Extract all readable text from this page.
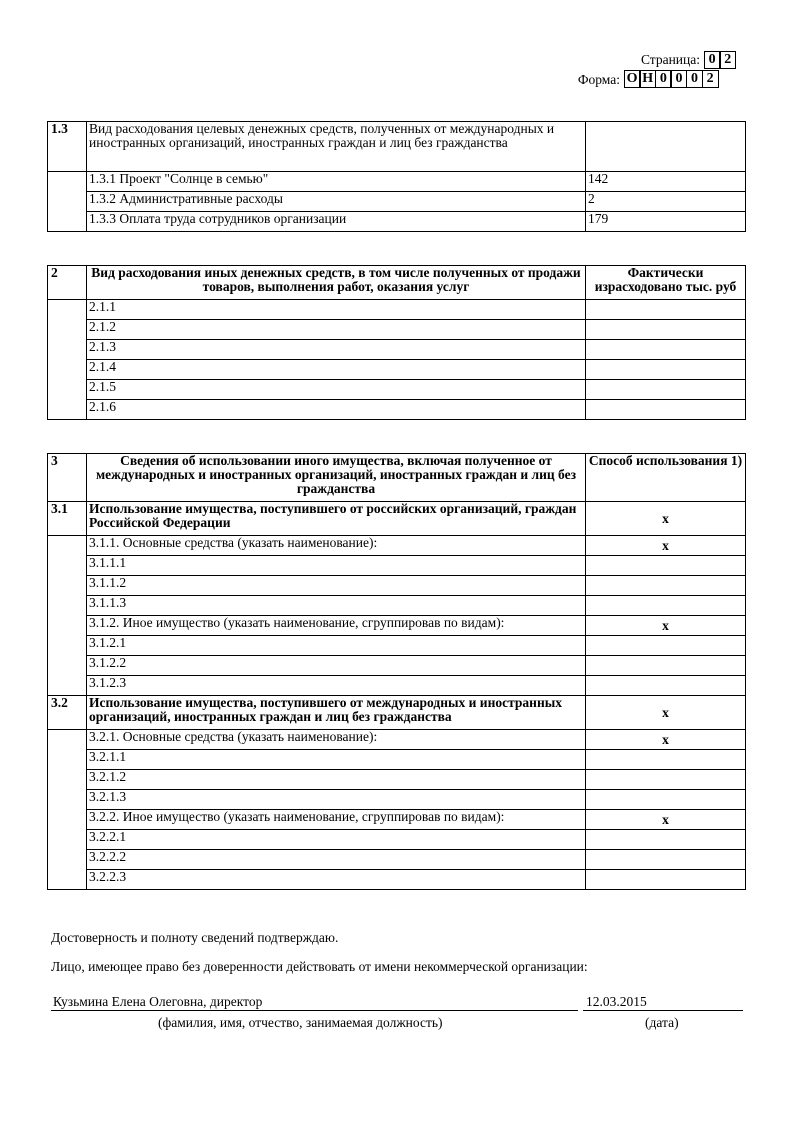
Страница: 0 2
Форма: О Н 0 0 0 2
1.3	Вид расходования целевых денежных средств, полученных от международных и иностранных организаций, иностранных граждан и лиц без гражданства	
	1.3.1 Проект "Солнце в семью"	142
	1.3.2 Административные расходы	2
	1.3.3 Оплата труда сотрудников организации	179
2	Вид расходования иных денежных средств, в том числе полученных от продажи товаров, выполнения работ, оказания услуг	Фактически израсходовано тыс. руб
	2.1.1	
	2.1.2	
	2.1.3	
	2.1.4	
	2.1.5	
	2.1.6	
3	Сведения об использовании иного имущества, включая полученное от международных и иностранных организаций, иностранных граждан и лиц без гражданства	Способ использования 1)
3.1	Использование имущества, поступившего от российских организаций, граждан Российской Федерации	x
	3.1.1. Основные средства (указать наименование):	x
	3.1.1.1	
	3.1.1.2	
	3.1.1.3	
	3.1.2. Иное имущество (указать наименование, сгруппировав по видам):	x
	3.1.2.1	
	3.1.2.2	
	3.1.2.3	
3.2	Использование имущества, поступившего от международных и иностранных организаций, иностранных граждан и лиц без гражданства	x
	3.2.1. Основные средства (указать наименование):	x
	3.2.1.1	
	3.2.1.2	
	3.2.1.3	
	3.2.2. Иное имущество (указать наименование, сгруппировав по видам):	x
	3.2.2.1	
	3.2.2.2	
	3.2.2.3	
Достоверность и полноту сведений подтверждаю.
Лицо, имеющее право без доверенности действовать от имени некоммерческой организации:
Кузьмина Елена Олеговна, директор	12.03.2015
(фамилия, имя, отчество, занимаемая должность)	(дата)
